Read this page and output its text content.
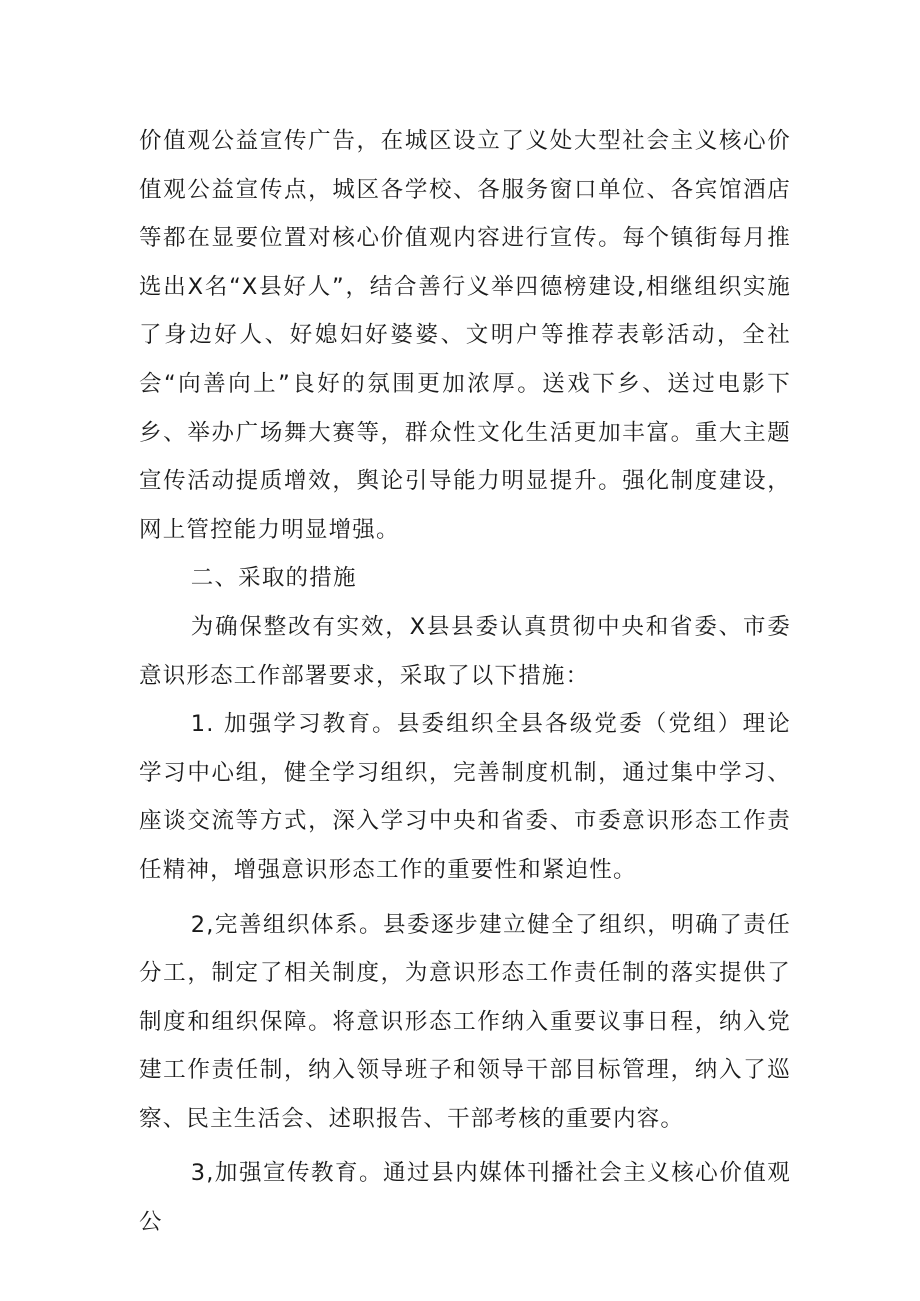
价值观公益宣传广告，在城区设立了义处大型社会主义核心价值观公益宣传点，城区各学校、各服务窗口单位、各宾馆酒店等都在显要位置对核心价值观内容进行宣传。每个镇街每月推选出X名“X县好人”，结合善行义举四德榜建设,相继组织实施了身边好人、好媳妇好婆婆、文明户等推荐表彰活动，全社会“向善向上”良好的氛围更加浓厚。送戏下乡、送过电影下乡、举办广场舞大赛等，群众性文化生活更加丰富。重大主题宣传活动提质增效，舆论引导能力明显提升。强化制度建设，网上管控能力明显增强。

二、采取的措施

为确保整改有实效，X县县委认真贯彻中央和省委、市委意识形态工作部署要求，采取了以下措施：

1. 加强学习教育。县委组织全县各级党委（党组）理论学习中心组，健全学习组织，完善制度机制，通过集中学习、座谈交流等方式，深入学习中央和省委、市委意识形态工作责任精神，增强意识形态工作的重要性和紧迫性。

2,完善组织体系。县委逐步建立健全了组织，明确了责任分工，制定了相关制度，为意识形态工作责任制的落实提供了制度和组织保障。将意识形态工作纳入重要议事日程，纳入党建工作责任制，纳入领导班子和领导干部目标管理，纳入了巡察、民主生活会、述职报告、干部考核的重要内容。

3,加强宣传教育。通过县内媒体刊播社会主义核心价值观公
